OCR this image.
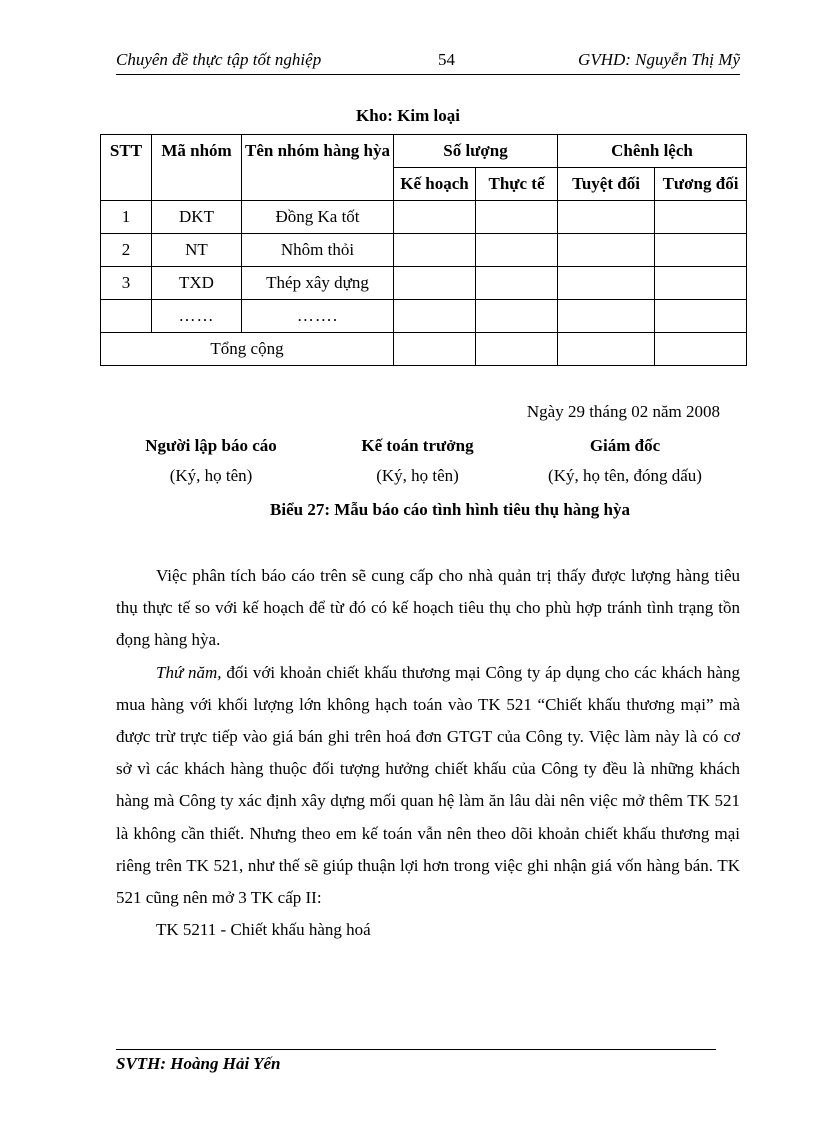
Chuyên đề thực tập tốt nghiệp	54	GVHD: Nguyễn Thị Mỹ
Kho: Kim loại
STT	Mã nhóm	Tên nhóm hàng hỳa	Số lượng		Chênh lệch	
			Kế hoạch	Thực tế	Tuyệt đối	Tương đối
1	DKT	Đồng Ka tốt				
2	NT	Nhôm thỏi				
3	TXD	Thép xây dựng				
	……	…….				
Tổng cộng						
Ngày 29 tháng 02 năm 2008
Người lập báo cáo
(Ký, họ tên)
Kế toán trưởng
(Ký, họ tên)
Giám đốc
(Ký, họ tên, đóng dấu)
Biểu 27: Mẫu báo cáo tình hình tiêu thụ hàng hỳa

Việc phân tích báo cáo trên sẽ cung cấp cho nhà quản trị thấy được lượng hàng tiêu thụ thực tế so với kế hoạch để từ đó có kế hoạch tiêu thụ cho phù hợp tránh tình trạng tồn đọng hàng hỳa.

Thứ năm, đối với khoản chiết khấu thương mại Công ty áp dụng cho các khách hàng mua hàng với khối lượng lớn không hạch toán vào TK 521 “Chiết khấu thương mại” mà được trừ trực tiếp vào giá bán ghi trên hoá đơn GTGT của Công ty. Việc làm này là có cơ sở vì các khách hàng thuộc đối tượng hưởng chiết khấu của Công ty đều là những khách hàng mà Công ty xác định xây dựng mối quan hệ làm ăn lâu dài nên việc mở thêm TK 521 là không cần thiết. Nhưng theo em kế toán vẫn nên theo dõi khoản chiết khấu thương mại riêng trên TK 521, như thế sẽ giúp thuận lợi hơn trong việc ghi nhận giá vốn hàng bán. TK 521 cũng nên mở 3 TK cấp II:

TK 5211 - Chiết khấu hàng hoá

SVTH: Hoàng Hải Yến
